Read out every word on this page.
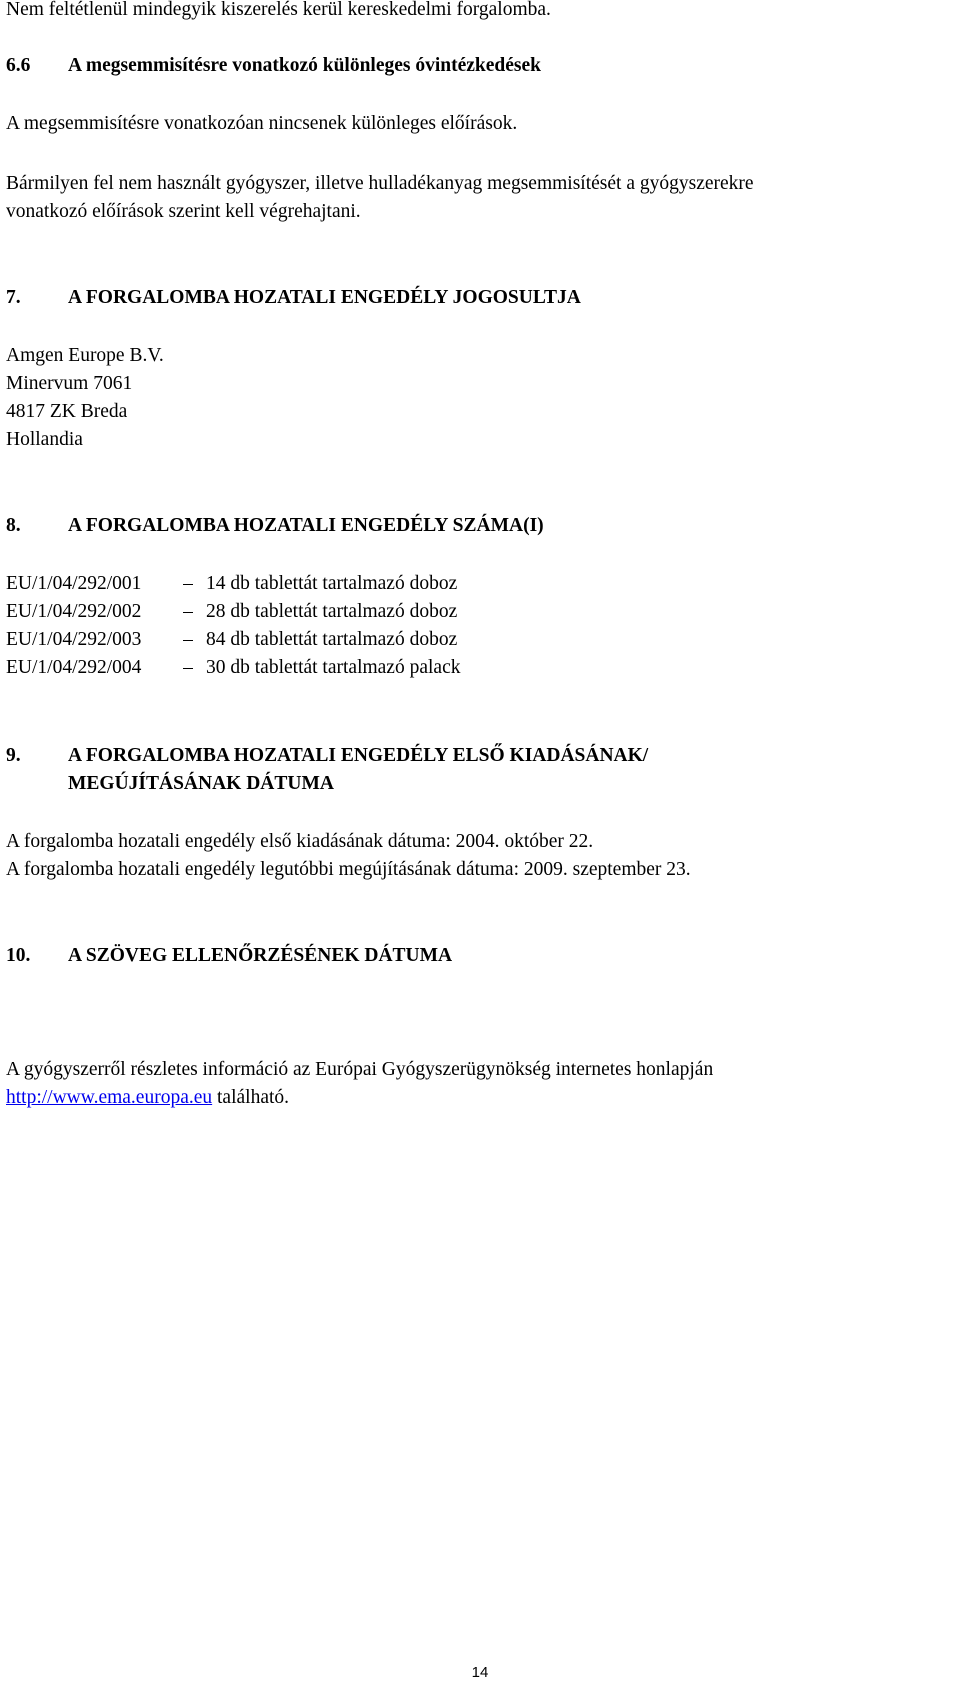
Nem feltétlenül mindegyik kiszerelés kerül kereskedelmi forgalomba.

6.6 A megsemmisítésre vonatkozó különleges óvintézkedések

A megsemmisítésre vonatkozóan nincsenek különleges előírások.

Bármilyen fel nem használt gyógyszer, illetve hulladékanyag megsemmisítését a gyógyszerekre

vonatkozó előírások szerint kell végrehajtani.

7. A FORGALOMBA HOZATALI ENGEDÉLY JOGOSULTJA

Amgen Europe B.V.

Minervum 7061

4817 ZK Breda

Hollandia

8. A FORGALOMBA HOZATALI ENGEDÉLY SZÁMA(I)
EU/1/04/292/001 – 14 db tablettát tartalmazó doboz
EU/1/04/292/002 – 28 db tablettát tartalmazó doboz
EU/1/04/292/003 – 84 db tablettát tartalmazó doboz
EU/1/04/292/004 – 30 db tablettát tartalmazó palack
9. A FORGALOMBA HOZATALI ENGEDÉLY ELSŐ KIADÁSÁNAK/
MEGÚJÍTÁSÁNAK DÁTUMA

A forgalomba hozatali engedély első kiadásának dátuma: 2004. október 22.

A forgalomba hozatali engedély legutóbbi megújításának dátuma: 2009. szeptember 23.

10. A SZÖVEG ELLENŐRZÉSÉNEK DÁTUMA

A gyógyszerről részletes információ az Európai Gyógyszerügynökség internetes honlapján

http://www.ema.europa.eu található.

14
